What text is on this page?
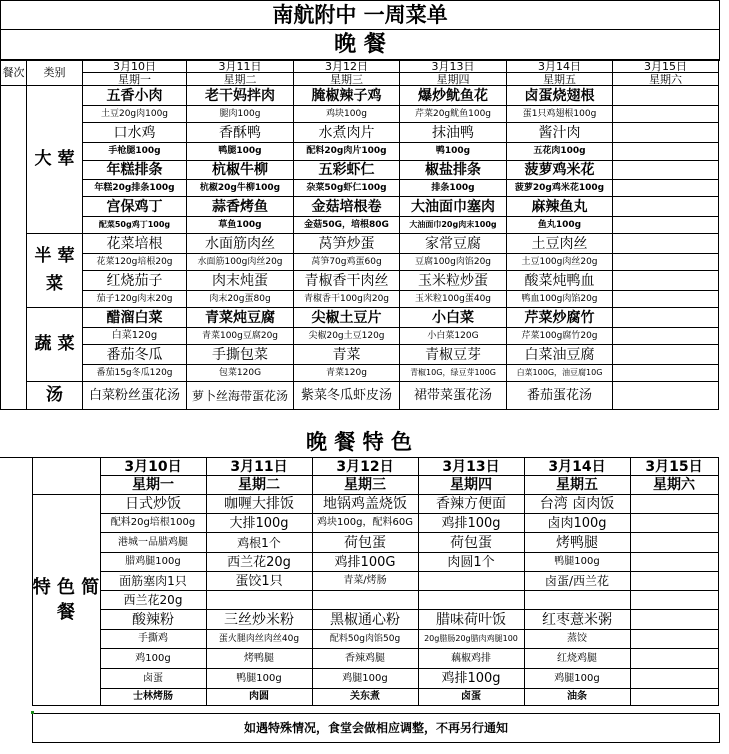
南航附中 一周菜单
晚 餐
餐次	类别	3月10日	3月11日	3月12日	3月13日	3月14日	3月15日
		星期一	星期二	星期三	星期四	星期五	星期六
	大 荤	五香小肉	老干妈拌肉	腌椒辣子鸡	爆炒鱿鱼花	卤蛋烧翅根	
		土豆20g肉100g	腿肉100g	鸡块100g	芹菜20g鱿鱼100g	蛋1只鸡翅根100g	
		口水鸡	香酥鸭	水煮肉片	抹油鸭	酱汁肉	
		手枪腿100g	鸭腿100g	配料20g肉片100g	鸭100g	五花肉100g	
		年糕排条	杭椒牛柳	五彩虾仁	椒盐排条	菠萝鸡米花	
		年糕20g排条100g	杭椒20g牛柳100g	杂菜50g虾仁100g	排条100g	菠萝20g鸡米花100g	
		宫保鸡丁	蒜香烤鱼	金菇培根卷	大油面巾塞肉	麻辣鱼丸	
		配菜50g鸡丁100g	草鱼100g	金菇50G，培根80G	大油面巾20g肉末100g	鱼丸100g	
	半 荤 菜	花菜培根	水面筋肉丝	莴笋炒蛋	家常豆腐	土豆肉丝	
		花菜120g培根20g	水面筋100g肉丝20g	莴笋70g鸡蛋60g	豆腐100g肉馅20g	土豆100g肉丝20g	
		红烧茄子	肉末炖蛋	青椒香干肉丝	玉米粒炒蛋	酸菜炖鸭血	
		茄子120g肉末20g	肉末20g蛋80g	青椒香干100g肉20g	玉米粒100g蛋40g	鸭血100g肉馅20g	
	蔬 菜	醋溜白菜	青菜炖豆腐	尖椒土豆片	小白菜	芹菜炒腐竹	
		白菜120g	青菜100g豆腐20g	尖椒20g土豆120g	小白菜120G	芹菜100g腐竹20g	
		番茄冬瓜	手撕包菜	青菜	青椒豆芽	白菜油豆腐	
		番茄15g冬瓜120g	包菜120G	青菜120g	青椒10G，绿豆芽100G	白菜100G，油豆腐10G	
	汤	白菜粉丝蛋花汤	萝卜丝海带蛋花汤	紫菜冬瓜虾皮汤	裙带菜蛋花汤	番茄蛋花汤	
晚 餐 特 色
		3月10日	3月11日	3月12日	3月13日	3月14日	3月15日
		星期一	星期二	星期三	星期四	星期五	星期六
	特 色 简 餐	日式炒饭	咖喱大排饭	地锅鸡盖烧饭	香辣方便面	台湾 卤肉饭	
		配料20g培根100g	大排100g	鸡块100g，配料60G	鸡排100g	卤肉100g	
		港城一品腊鸡腿	鸡根1个	荷包蛋	荷包蛋	烤鸭腿	
		腊鸡腿100g	西兰花20g	鸡排100G	肉圆1个	鸭腿100g	
		面筋塞肉1只	蛋饺1只	青菜/烤肠		卤蛋/西兰花	
		西兰花20g					
		酸辣粉	三丝炒米粉	黑椒通心粉	腊味荷叶饭	红枣薏米粥	
		手撕鸡	蛋火腿肉丝肉丝40g	配料50g肉馅50g	20g腊肠20g腊肉鸡腿100	蒸饺	
		鸡100g	烤鸭腿	香辣鸡腿	藕椒鸡排	红烧鸡腿	
		卤蛋	鸭腿100g	鸡腿100g	鸡排100g	鸡腿100g	
		士林烤肠	肉圆	关东煮	卤蛋	油条	
如遇特殊情况，食堂会做相应调整，不再另行通知
